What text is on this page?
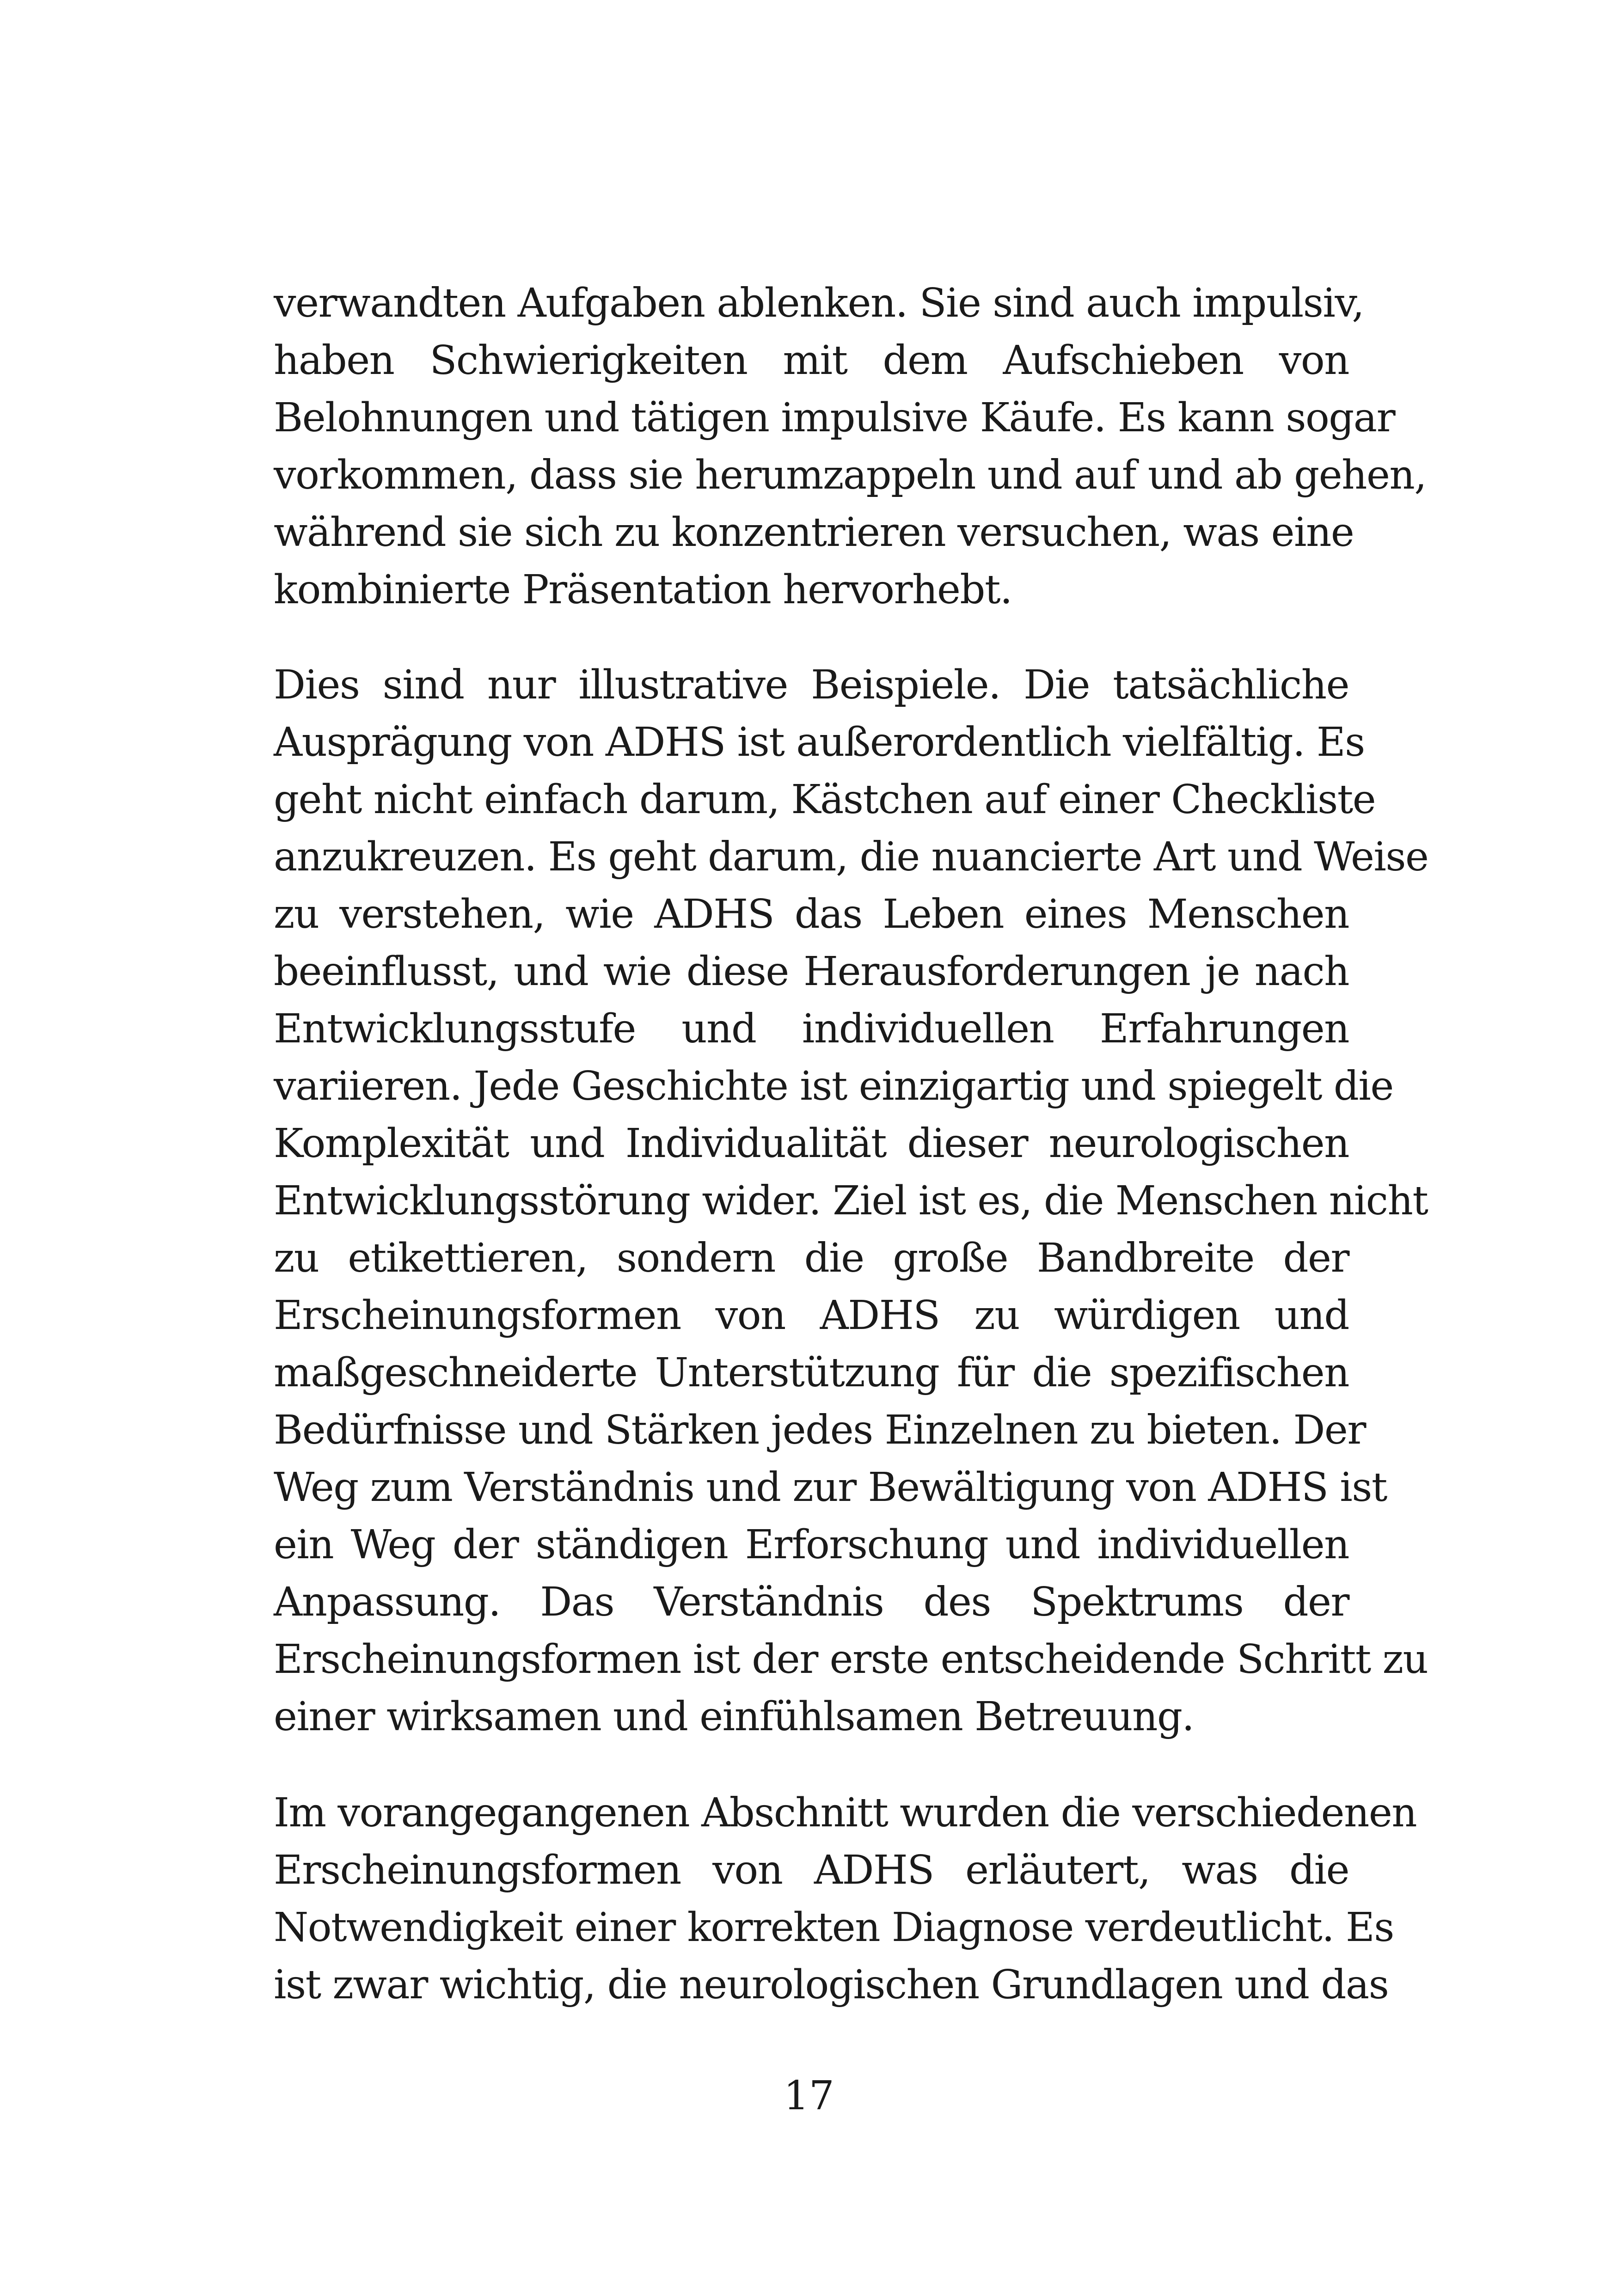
verwandten Aufgaben ablenken. Sie sind auch impulsiv,
haben Schwierigkeiten mit dem Aufschieben von
Belohnungen und tätigen impulsive Käufe. Es kann sogar
vorkommen, dass sie herumzappeln und auf und ab gehen,
während sie sich zu konzentrieren versuchen, was eine
kombinierte Präsentation hervorhebt.
Dies sind nur illustrative Beispiele. Die tatsächliche
Ausprägung von ADHS ist außerordentlich vielfältig. Es
geht nicht einfach darum, Kästchen auf einer Checkliste
anzukreuzen. Es geht darum, die nuancierte Art und Weise
zu verstehen, wie ADHS das Leben eines Menschen
beeinflusst, und wie diese Herausforderungen je nach
Entwicklungsstufe und individuellen Erfahrungen
variieren. Jede Geschichte ist einzigartig und spiegelt die
Komplexität und Individualität dieser neurologischen
Entwicklungsstörung wider. Ziel ist es, die Menschen nicht
zu etikettieren, sondern die große Bandbreite der
Erscheinungsformen von ADHS zu würdigen und
maßgeschneiderte Unterstützung für die spezifischen
Bedürfnisse und Stärken jedes Einzelnen zu bieten. Der
Weg zum Verständnis und zur Bewältigung von ADHS ist
ein Weg der ständigen Erforschung und individuellen
Anpassung. Das Verständnis des Spektrums der
Erscheinungsformen ist der erste entscheidende Schritt zu
einer wirksamen und einfühlsamen Betreuung.
Im vorangegangenen Abschnitt wurden die verschiedenen
Erscheinungsformen von ADHS erläutert, was die
Notwendigkeit einer korrekten Diagnose verdeutlicht. Es
ist zwar wichtig, die neurologischen Grundlagen und das
17
